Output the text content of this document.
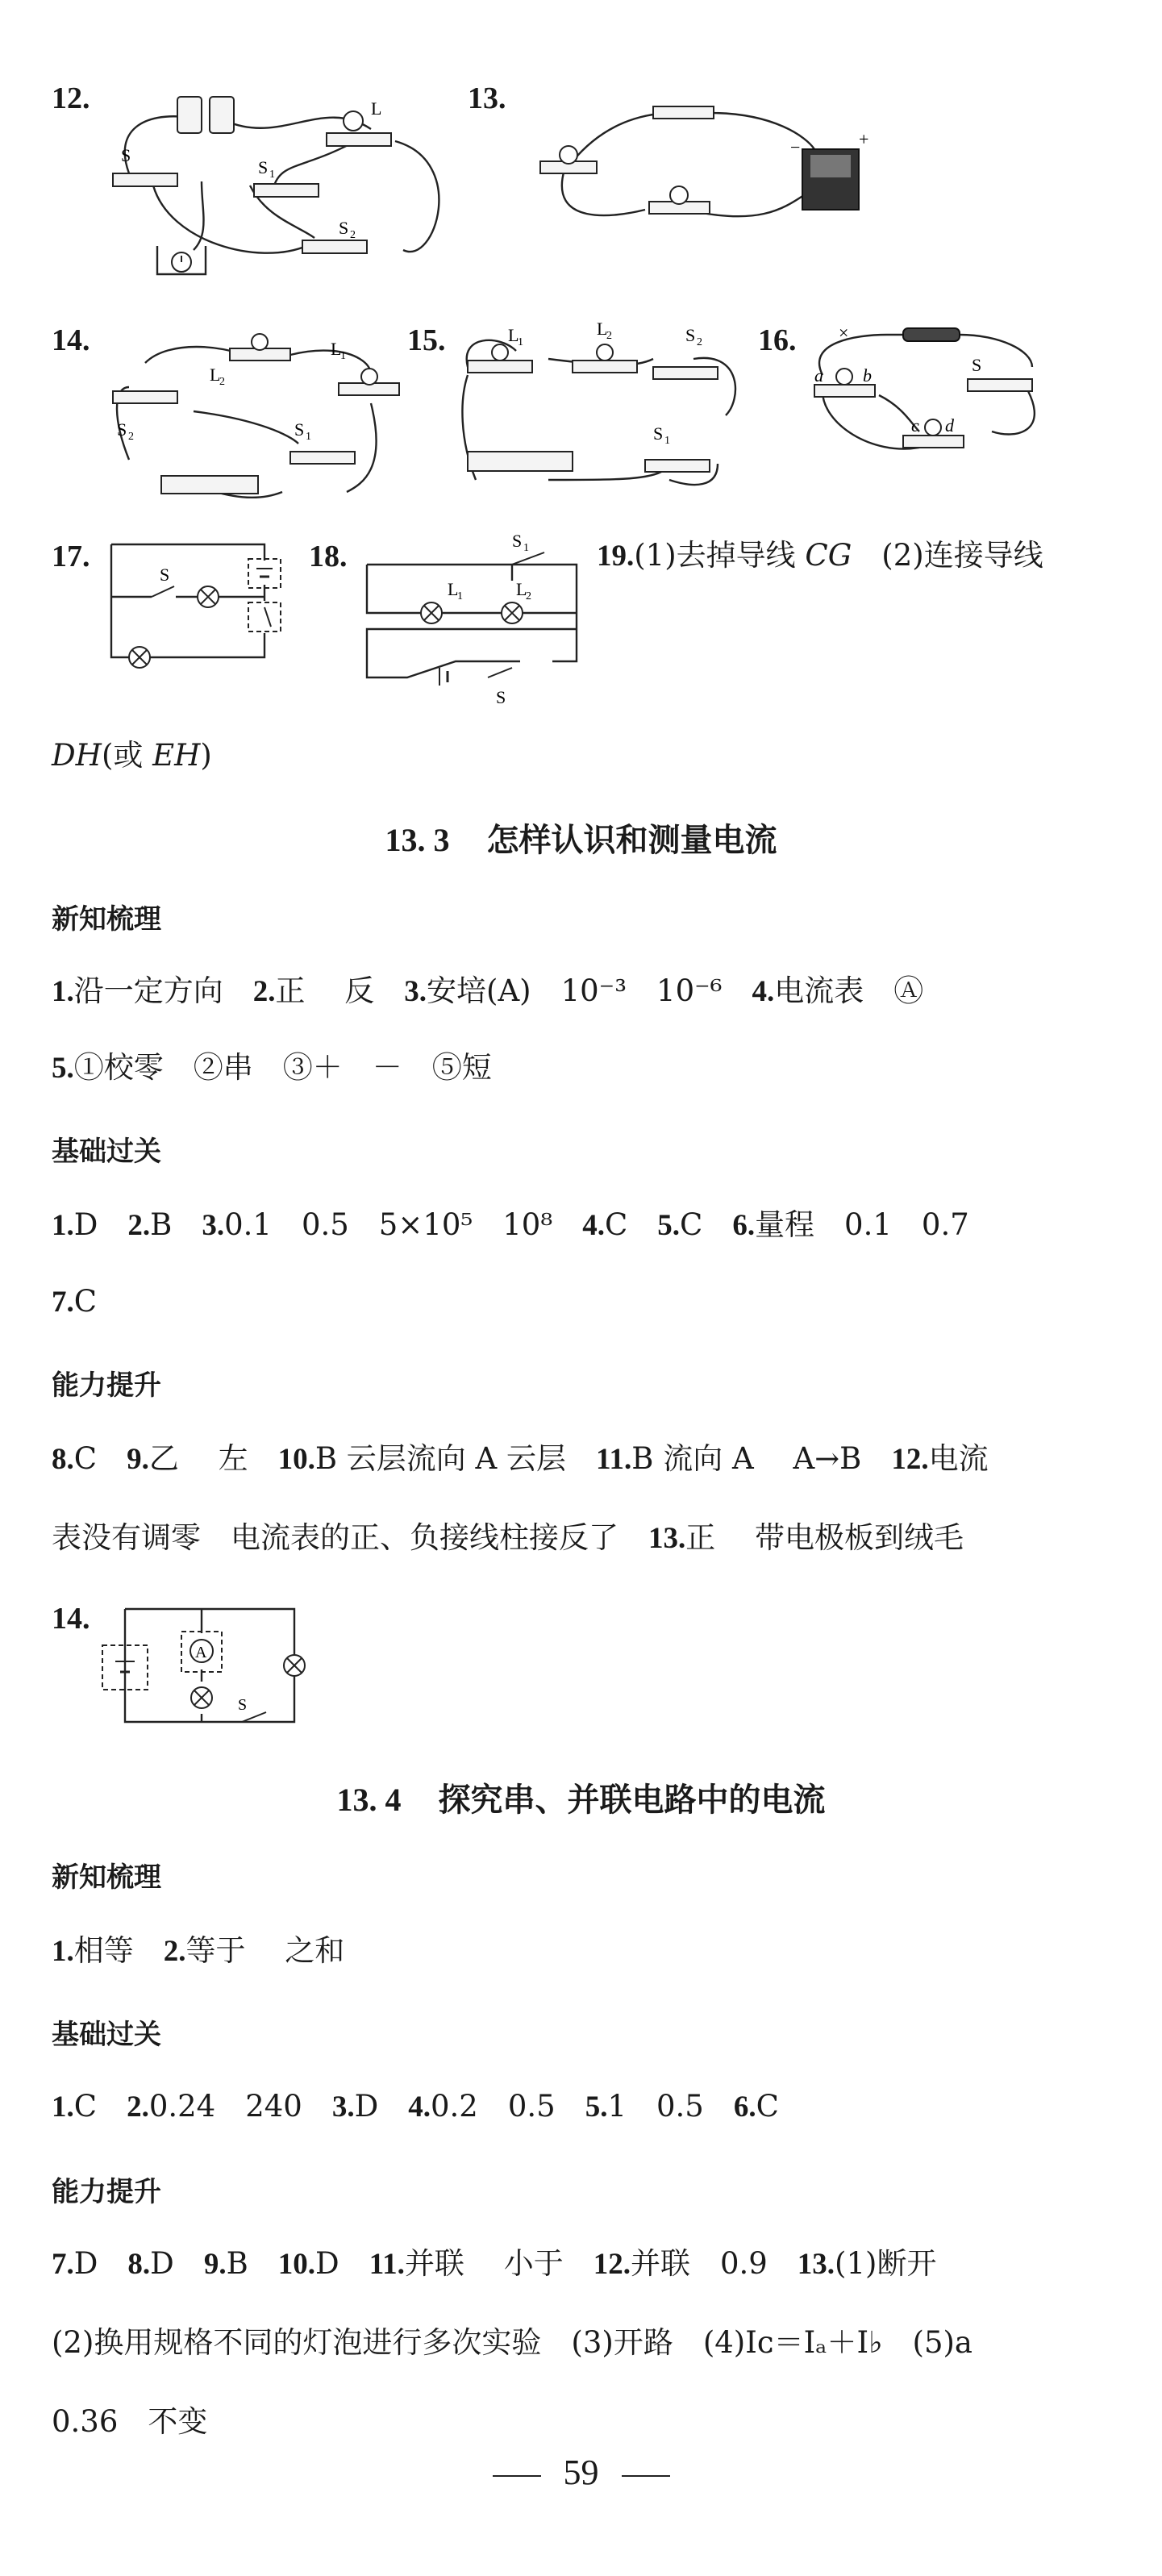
12.
S
S 1
L
S 2
13.
+
−
14.
L
2
L
1
S 2	S 1
15.	L
1
L
2	S 2
S 1
16. ×
a b
c d
S
17.
S
18.	S 1
L
1	L
2
S
19.(1)去掉导线 CG　(2)连接导线
DH(或 EH)
13. 3 怎样认识和测量电流
新知梳理
1.沿一定方向　2.正　 反　3.安培(A)　10⁻³　10⁻⁶　4.电流表　Ⓐ
5.①校零　②串　③＋　－　⑤短
基础过关
1.D　2.B　3.0.1　0.5　5×10⁵　10⁸　4.C　5.C　6.量程　0.1　0.7
7.C
能力提升
8.C　9.乙　 左　10.B 云层流向 A 云层　11.B 流向 A　 A→B　12.电流
表没有调零　电流表的正、负接线柱接反了　13.正　 带电极板到绒毛
14.
A
S
13. 4 探究串、并联电路中的电流
新知梳理
1.相等　2.等于　 之和
基础过关
1.C　2.0.24　240　3.D　4.0.2　0.5　5.1　0.5　6.C
能力提升
7.D　8.D　9.B　10.D　11.并联　 小于　12.并联　0.9　13.(1)断开
(2)换用规格不同的灯泡进行多次实验　(3)开路　(4)Iᴄ＝Iₐ＋I♭　(5)a
0.36　不变
59
